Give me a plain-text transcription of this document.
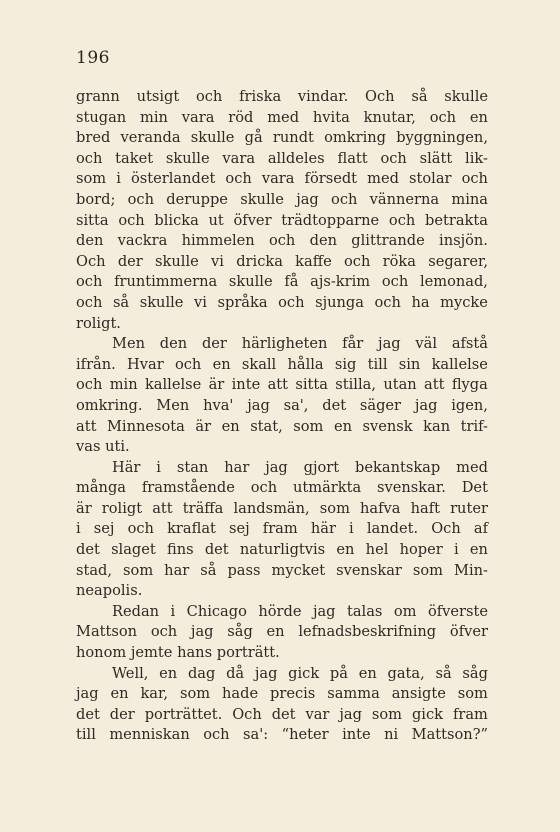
196
grann utsigt och friska vindar. Och så skulle
stugan min vara röd med hvita knutar, och en
bred veranda skulle gå rundt omkring byggningen,
och taket skulle vara alldeles flatt och slätt lik-
som i österlandet och vara försedt med stolar och
bord; och deruppe skulle jag och vännerna mina
sitta och blicka ut öfver trädtopparne och betrakta
den vackra himmelen och den glittrande insjön.
Och der skulle vi dricka kaffe och röka segarer,
och fruntimmerna skulle få ajs-krim och lemonad,
och så skulle vi språka och sjunga och ha mycke
roligt.
Men den der härligheten får jag väl afstå
ifrån. Hvar och en skall hålla sig till sin kallelse
och min kallelse är inte att sitta stilla, utan att flyga
omkring. Men hva' jag sa', det säger jag igen,
att Minnesota är en stat, som en svensk kan trif-
vas uti.
Här i stan har jag gjort bekantskap med
många framstående och utmärkta svenskar. Det
är roligt att träffa landsmän, som hafva haft ruter
i sej och kraflat sej fram här i landet. Och af
det slaget fins det naturligtvis en hel hoper i en
stad, som har så pass mycket svenskar som Min-
neapolis.
Redan i Chicago hörde jag talas om öfverste
Mattson och jag såg en lefnadsbeskrifning öfver
honom jemte hans porträtt.
Well, en dag då jag gick på en gata, så såg
jag en kar, som hade precis samma ansigte som
det der porträttet. Och det var jag som gick fram
till menniskan och sa': “heter inte ni Mattson?”
